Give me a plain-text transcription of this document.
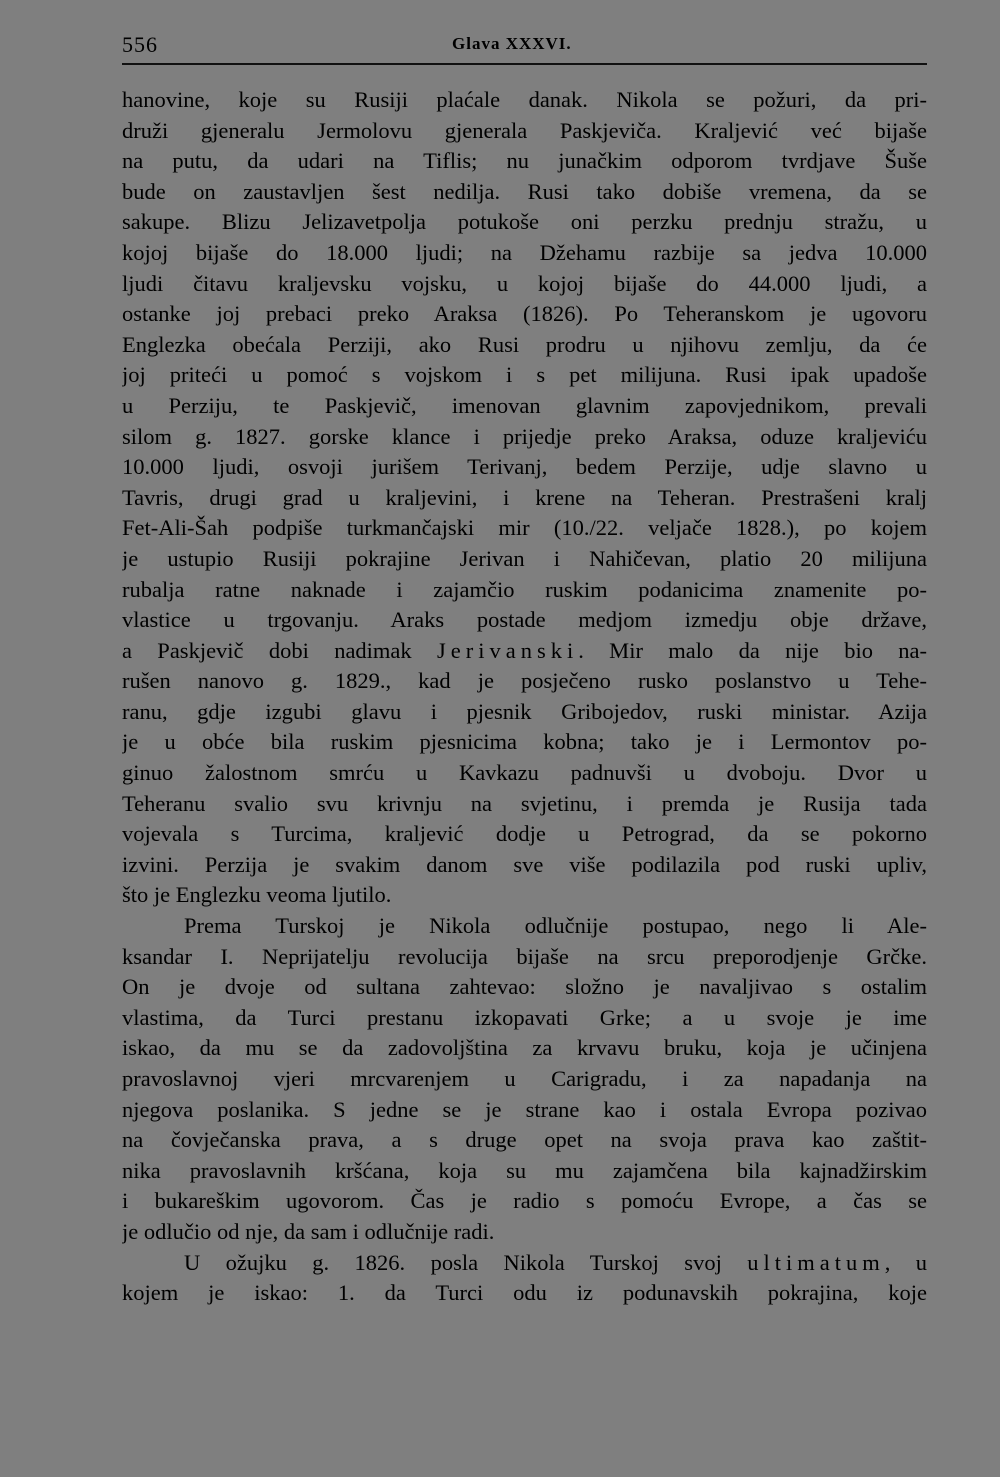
556	Glava XXXVI.
hanovine, koje su Rusiji plaćale danak. Nikola se požuri, da pri-
druži gjeneralu Jermolovu gjenerala Paskjeviča. Kraljević već bijaše
na putu, da udari na Tiflis; nu junačkim odporom tvrdjave Šuše
bude on zaustavljen šest nedilja. Rusi tako dobiše vremena, da se
sakupe. Blizu Jelizavetpolja potukoše oni perzku prednju stražu, u
kojoj bijaše do 18.000 ljudi; na Džehamu razbije sa jedva 10.000
ljudi čitavu kraljevsku vojsku, u kojoj bijaše do 44.000 ljudi, a
ostanke joj prebaci preko Araksa (1826). Po Teheranskom je ugovoru
Englezka obećala Perziji, ako Rusi prodru u njihovu zemlju, da će
joj priteći u pomoć s vojskom i s pet milijuna. Rusi ipak upadoše
u Perziju, te Paskjevič, imenovan glavnim zapovjednikom, prevali
silom g. 1827. gorske klance i prijedje preko Araksa, oduze kraljeviću
10.000 ljudi, osvoji jurišem Terivanj, bedem Perzije, udje slavno u
Tavris, drugi grad u kraljevini, i krene na Teheran. Prestrašeni kralj
Fet-Ali-Šah podpiše turkmančajski mir (10./22. veljače 1828.), po kojem
je ustupio Rusiji pokrajine Jerivan i Nahičevan, platio 20 milijuna
rubalja ratne naknade i zajamčio ruskim podanicima znamenite po-
vlastice u trgovanju. Araks postade medjom izmedju obje države,
a Paskjevič dobi nadimak Jerivanski. Mir malo da nije bio na-
rušen nanovo g. 1829., kad je posječeno rusko poslanstvo u Tehe-
ranu, gdje izgubi glavu i pjesnik Gribojedov, ruski ministar. Azija
je u obće bila ruskim pjesnicima kobna; tako je i Lermontov po-
ginuo žalostnom smrću u Kavkazu padnuvši u dvoboju. Dvor u
Teheranu svalio svu krivnju na svjetinu, i premda je Rusija tada
vojevala s Turcima, kraljević dodje u Petrograd, da se pokorno
izvini. Perzija je svakim danom sve više podilazila pod ruski upliv,
što je Englezku veoma ljutilo.
Prema Turskoj je Nikola odlučnije postupao, nego li Ale-
ksandar I. Neprijatelju revolucija bijaše na srcu preporodjenje Grčke.
On je dvoje od sultana zahtevao: složno je navaljivao s ostalim
vlastima, da Turci prestanu izkopavati Grke; a u svoje je ime
iskao, da mu se da zadovoljština za krvavu bruku, koja je učinjena
pravoslavnoj vjeri mrcvarenjem u Carigradu, i za napadanja na
njegova poslanika. S jedne se je strane kao i ostala Evropa pozivao
na čovječanska prava, a s druge opet na svoja prava kao zaštit-
nika pravoslavnih kršćana, koja su mu zajamčena bila kajnadžirskim
i bukareškim ugovorom. Čas je radio s pomoću Evrope, a čas se
je odlučio od nje, da sam i odlučnije radi.
U ožujku g. 1826. posla Nikola Turskoj svoj ultimatum, u
kojem je iskao: 1. da Turci odu iz podunavskih pokrajina, koje
